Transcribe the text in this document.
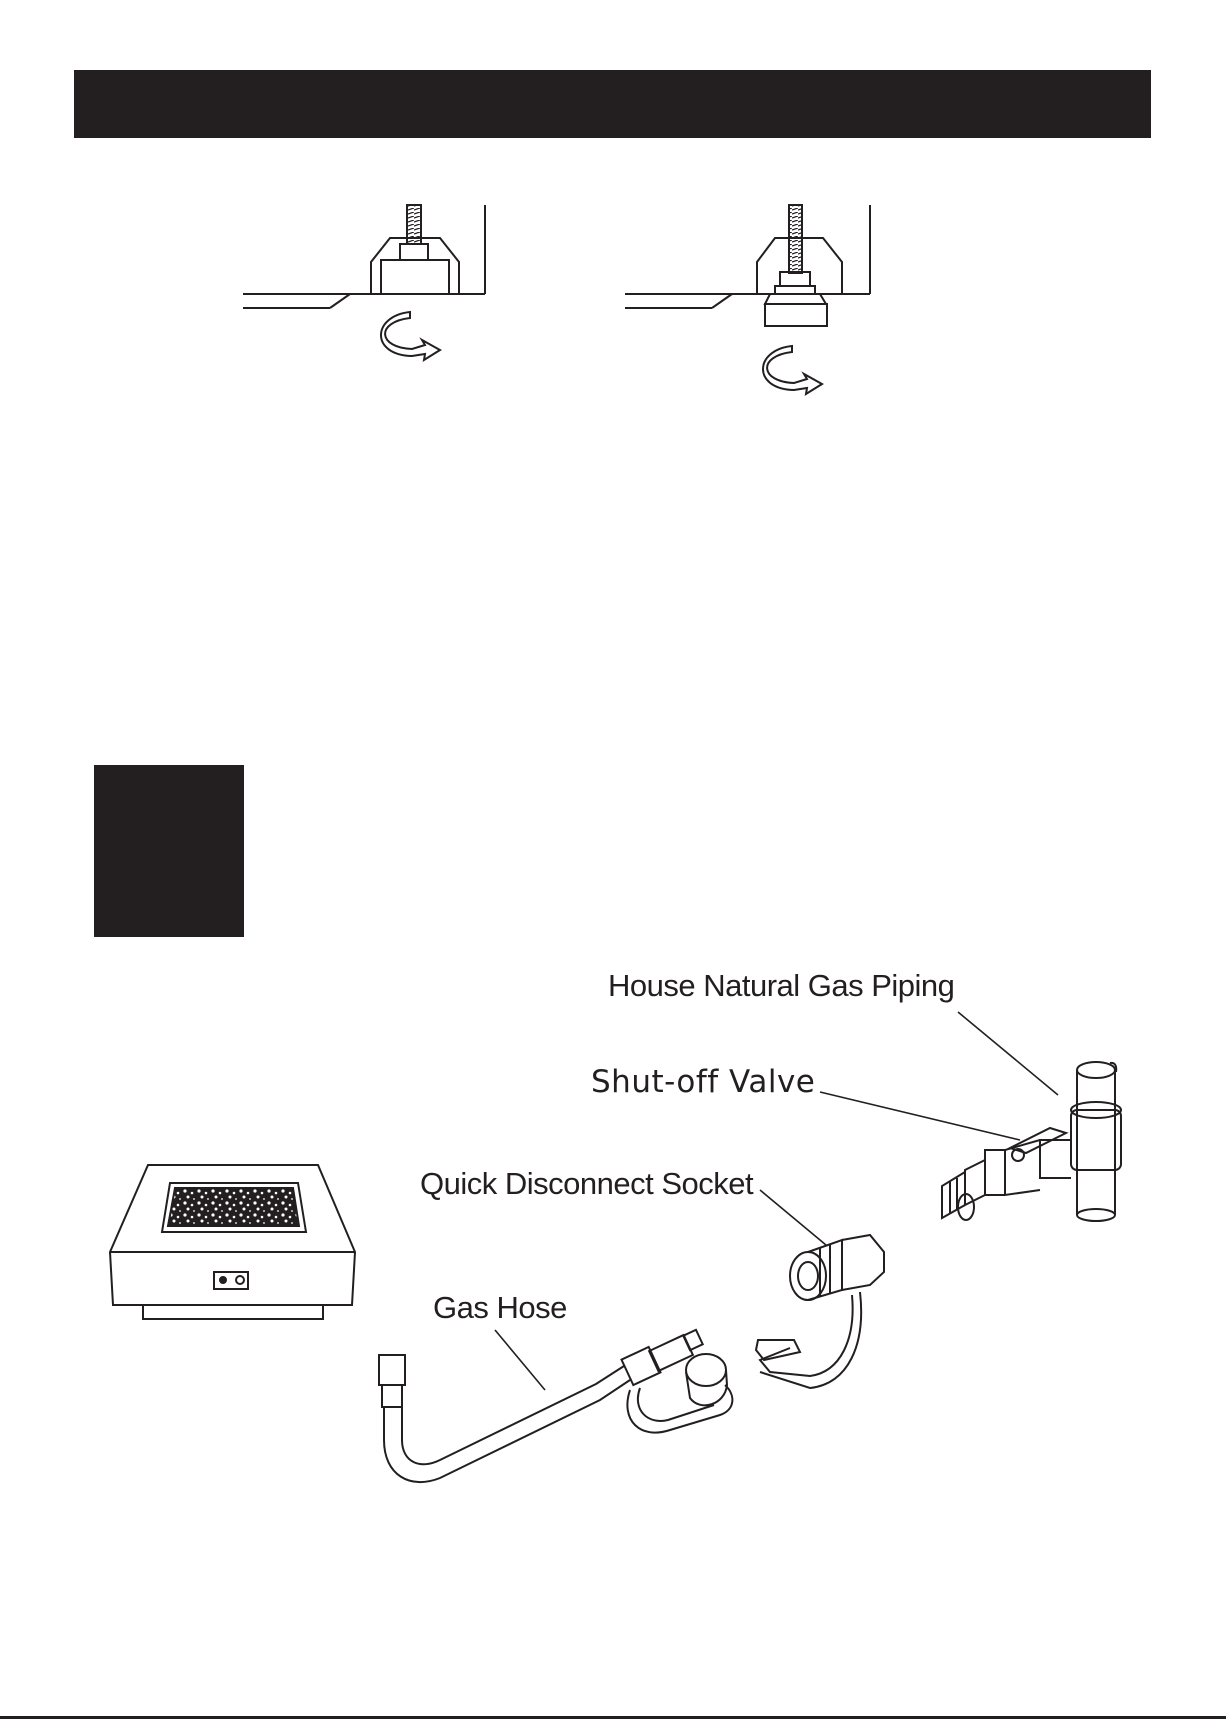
House Natural Gas Piping
Shut-off Valve
Quick Disconnect Socket
Gas Hose
